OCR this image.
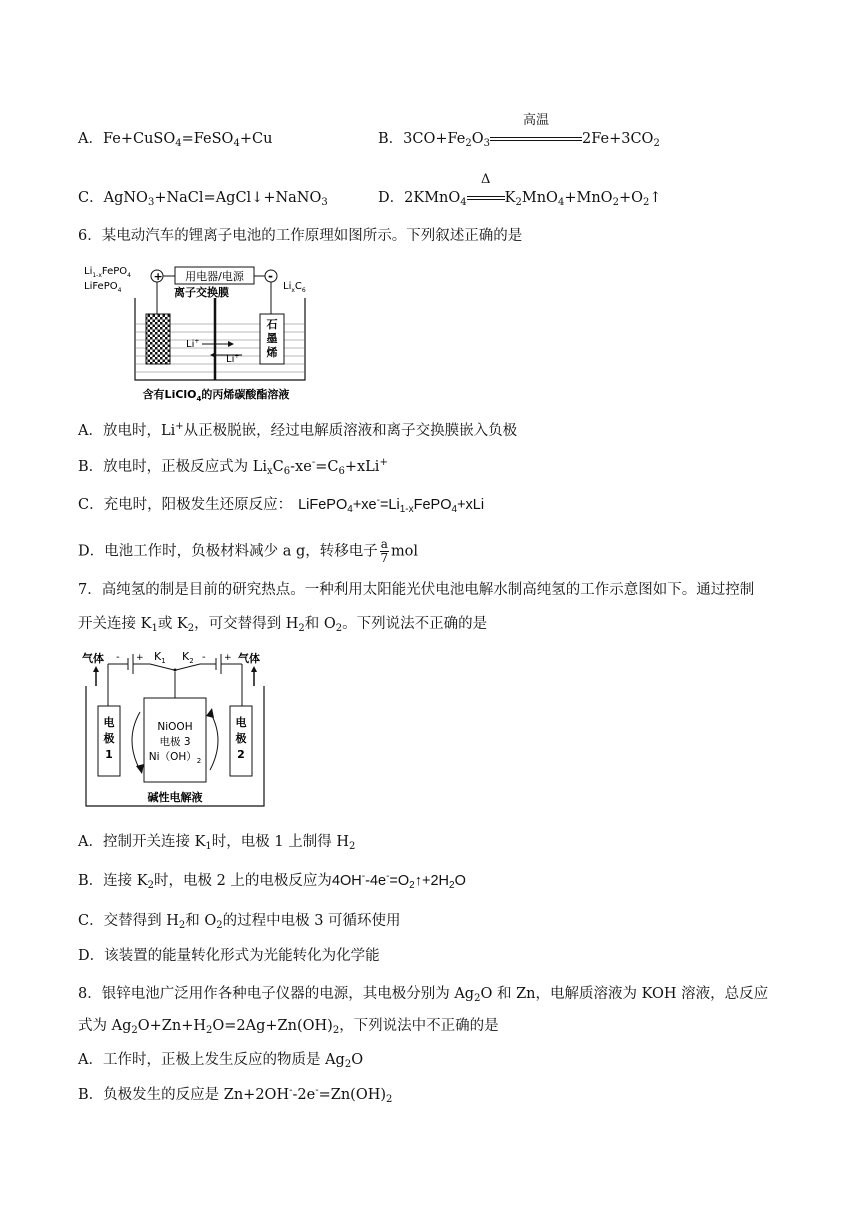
A．Fe+CuSO$_4$=FeSO$_4$+Cu	B．$3CO+Fe_2O_3$
高温
$2Fe+3CO_2$
C．AgNO$_3$+NaCl=AgCl↓+NaNO$_3$	D．2KMnO$_4$
Δ
$K_2MnO_4+MnO_2+O_2↑$
6．某电动汽车的锂离子电池的工作原理如图所示。下列叙述正确的是
$Li_{1-x}FePO_4$
LiFePO$_4$
+	-
用电器/电源
离子交换膜	$Li_xC_6$
石
墨
烯
Li+
Li+
含有LiClO$_4$的丙烯碳酸酯溶液
A．放电时，Li+从正极脱嵌，经过电解质溶液和离子交换膜嵌入负极
B．放电时，正极反应式为 $Li_xC_6-xe^-=C_6+xLi^+$
C．充电时，阳极发生还原反应： $LiFePO_4+xe^-=Li_{1-x}FePO_4+xLi$
D．电池工作时，负极材料减少 a g，转移电子 $\frac{a}{7}$ mol
7．高纯氢的制是目前的研究热点。一种利用太阳能光伏电池电解水制高纯氢的工作示意图如下。通过控制
开关连接 $K_1$或 $K_2$，可交替得到 $H_2$和 $O_2$。下列说法不正确的是
气体	气体
- + $K_1$ $K_2$ - +
电
极
1
电
极
2
NiOOH
电极 3
$Ni(OH)_2$
碱性电解液
A．控制开关连接 $K_1$时，电极 1 上制得 $H_2$
B．连接 $K_2$时，电极 2 上的电极反应为$4OH^--4e^-=O_2↑+2H_2O$
C．交替得到 $H_2$和 $O_2$的过程中电极 3 可循环使用
D．该装置的能量转化形式为光能转化为化学能
8．银锌电池广泛用作各种电子仪器的电源，其电极分别为 $Ag_2O$ 和 Zn，电解质溶液为 KOH 溶液，总反应
式为 $Ag_2O+Zn+H_2O=2Ag+Zn(OH)_2$，下列说法中不正确的是
A．工作时，正极上发生反应的物质是 $Ag_2O$
B．负极发生的反应是 $Zn+2OH^--2e^-=Zn(OH)_2$
